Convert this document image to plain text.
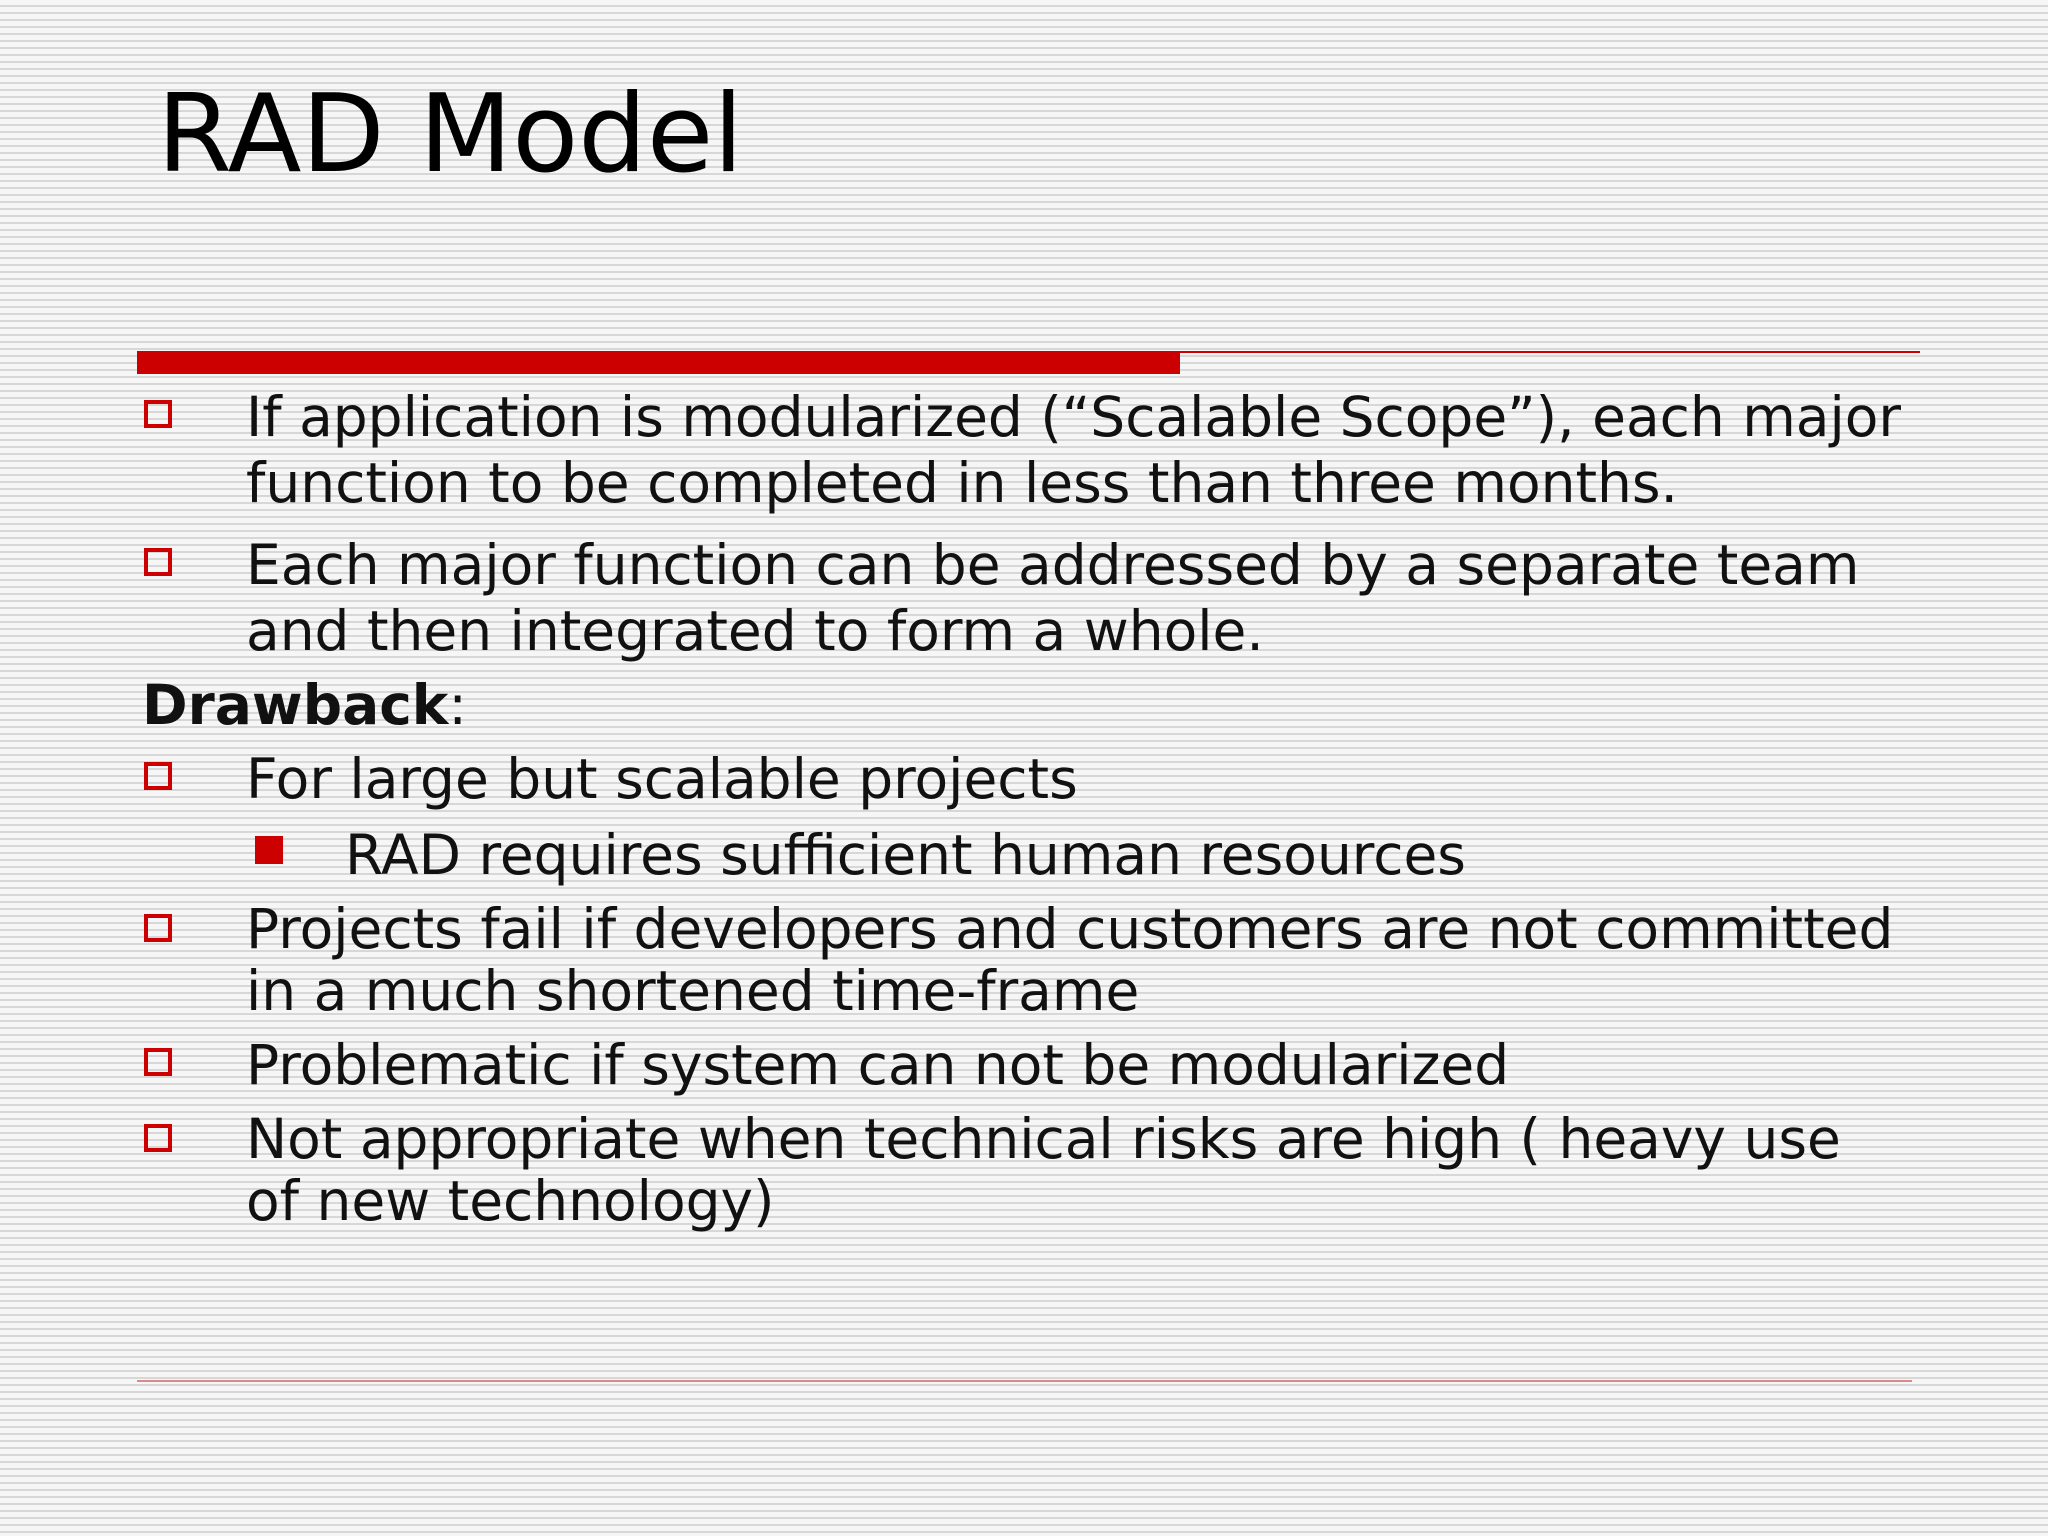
RAD Model
If application is modularized (“Scalable Scope”), each major function to be completed in less than three months.
Each major function can be addressed by a separate team and then integrated to form a whole.
Drawback:
For large but scalable projects
RAD requires sufficient human resources
Projects fail if developers and customers are not committed in a much shortened time-frame
Problematic if system can not be modularized
Not appropriate when technical risks are high ( heavy use of new technology)
